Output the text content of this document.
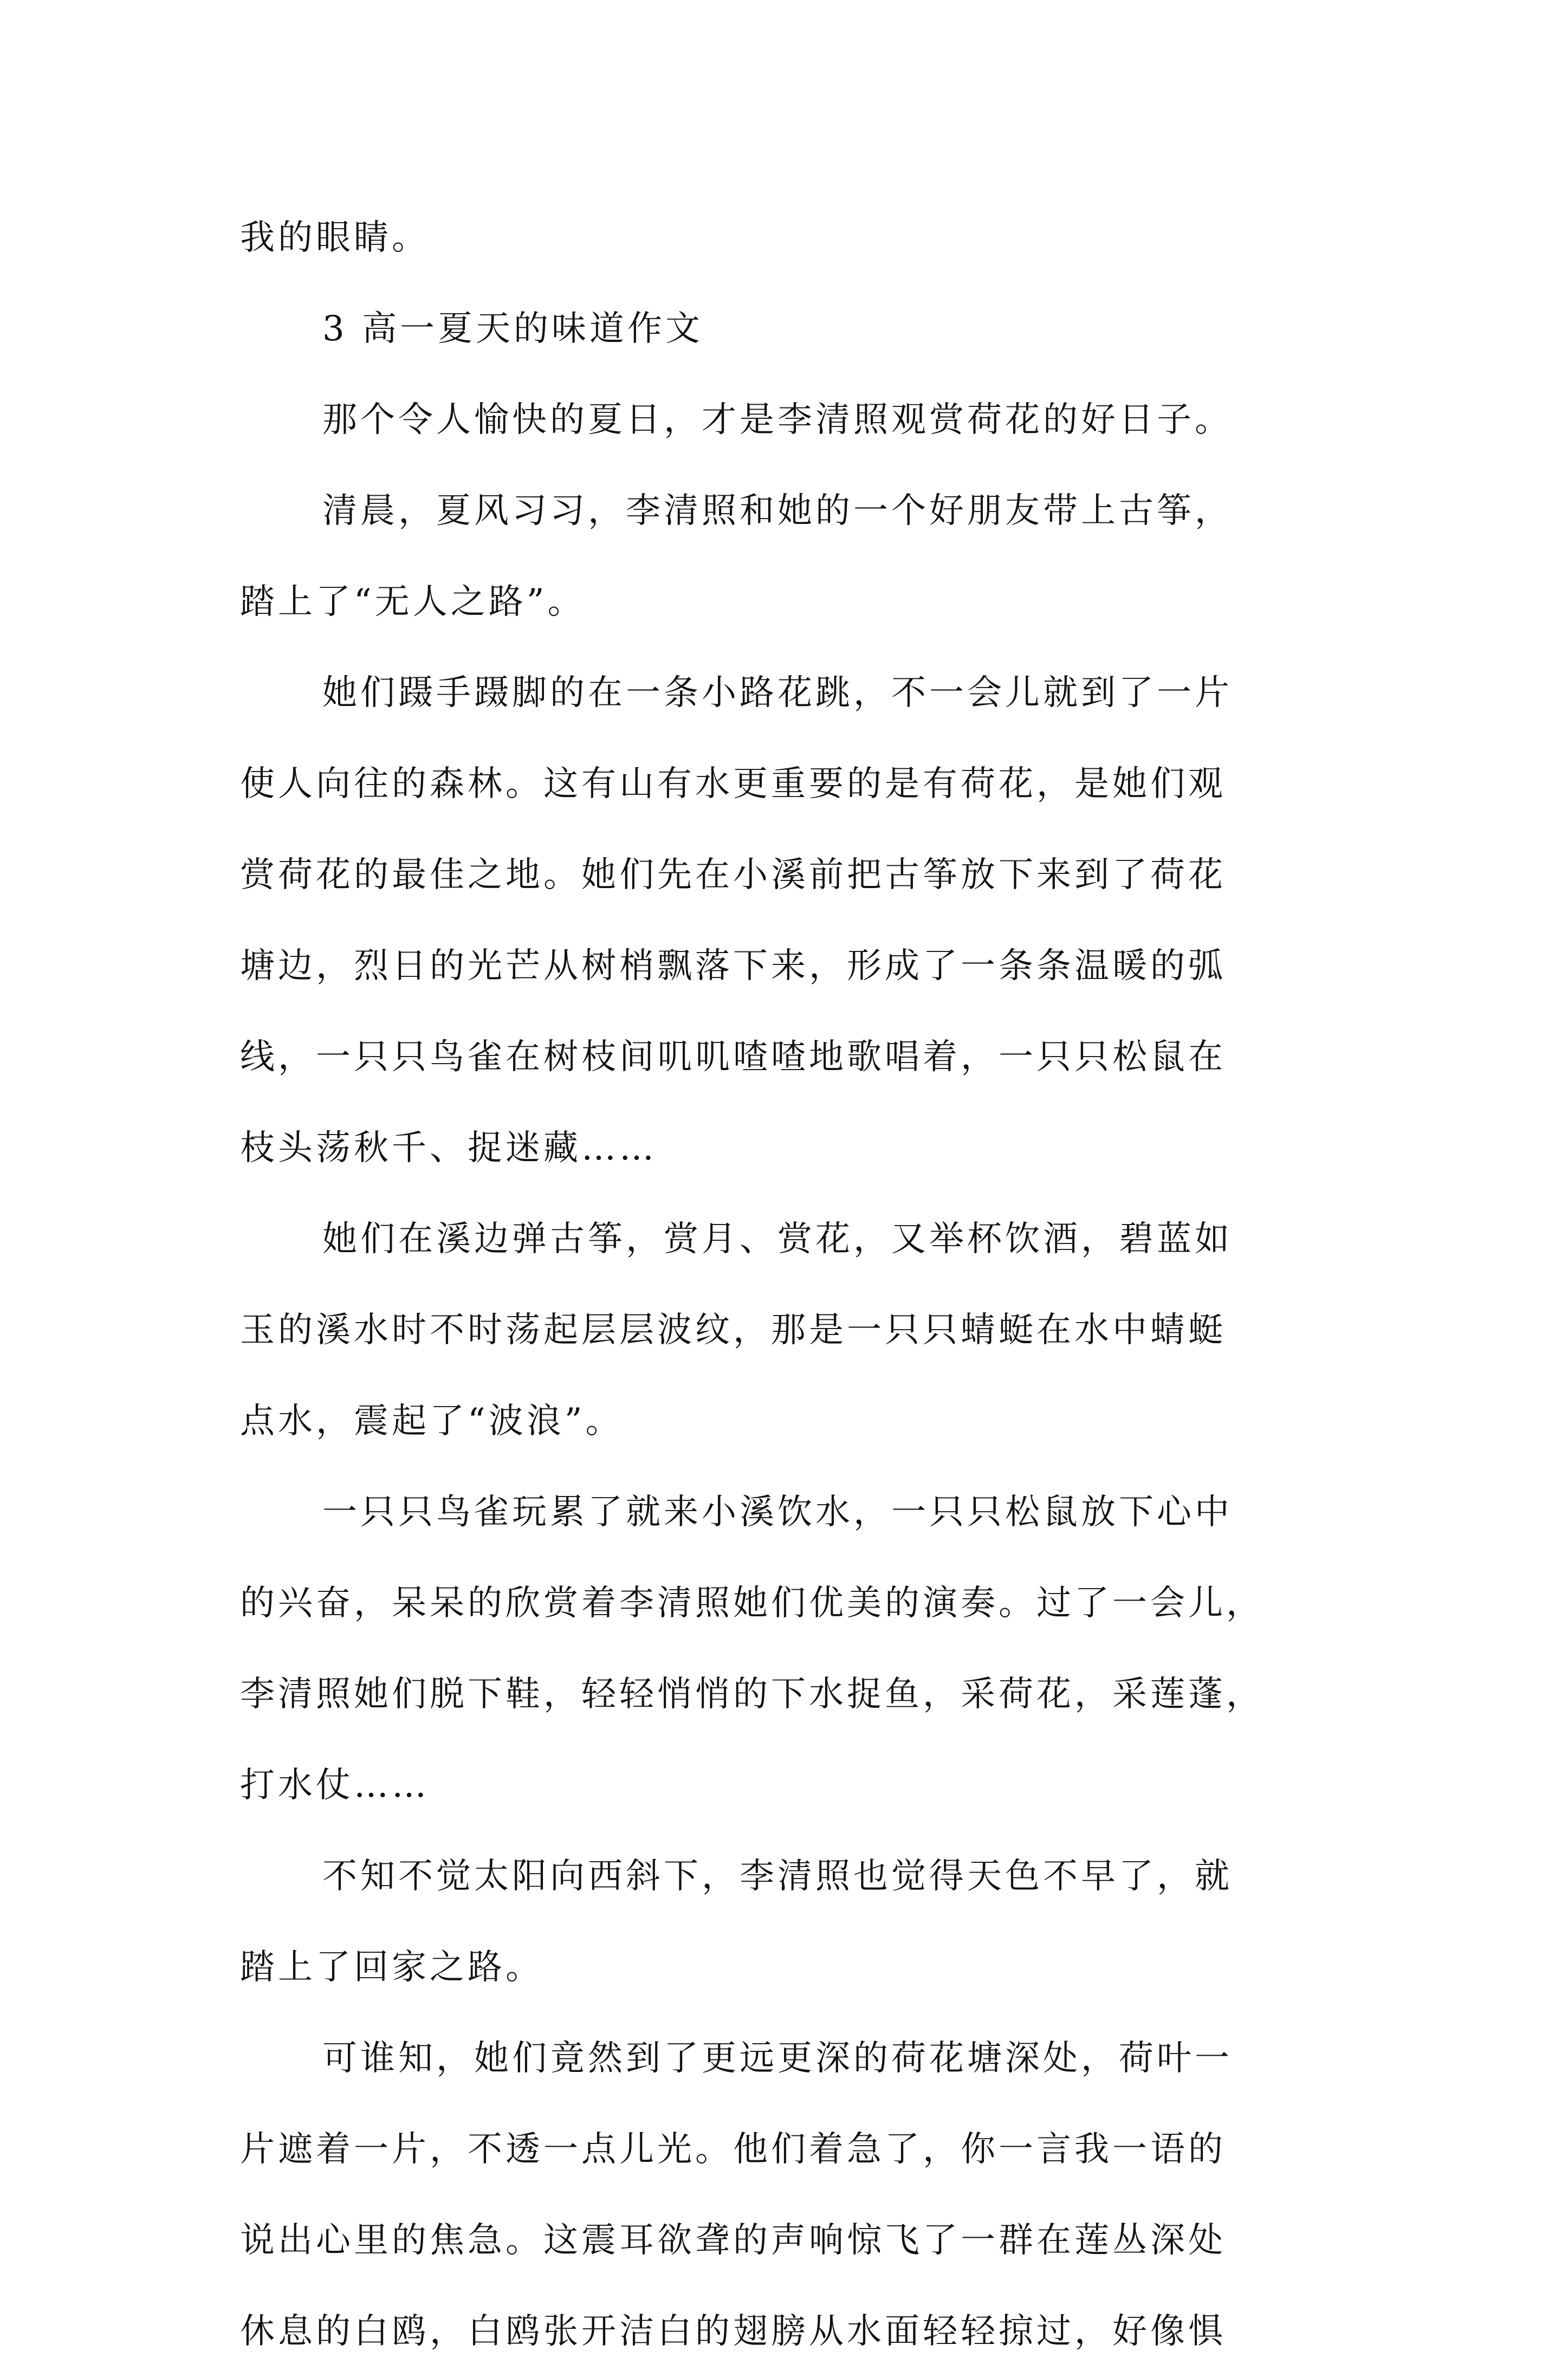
我的眼睛。
3 高一夏天的味道作文
那个令人愉快的夏日，才是李清照观赏荷花的好日子。
清晨，夏风习习，李清照和她的一个好朋友带上古筝，
踏上了“无人之路”。
她们蹑手蹑脚的在一条小路花跳，不一会儿就到了一片
使人向往的森林。这有山有水更重要的是有荷花，是她们观
赏荷花的最佳之地。她们先在小溪前把古筝放下来到了荷花
塘边，烈日的光芒从树梢飘落下来，形成了一条条温暖的弧
线，一只只鸟雀在树枝间叽叽喳喳地歌唱着，一只只松鼠在
枝头荡秋千、捉迷藏……
她们在溪边弹古筝，赏月、赏花，又举杯饮酒，碧蓝如
玉的溪水时不时荡起层层波纹，那是一只只蜻蜓在水中蜻蜓
点水，震起了“波浪”。
一只只鸟雀玩累了就来小溪饮水，一只只松鼠放下心中
的兴奋，呆呆的欣赏着李清照她们优美的演奏。过了一会儿，
李清照她们脱下鞋，轻轻悄悄的下水捉鱼，采荷花，采莲蓬，
打水仗……
不知不觉太阳向西斜下，李清照也觉得天色不早了，就
踏上了回家之路。
可谁知，她们竟然到了更远更深的荷花塘深处，荷叶一
片遮着一片，不透一点儿光。他们着急了，你一言我一语的
说出心里的焦急。这震耳欲聋的声响惊飞了一群在莲丛深处
休息的白鸥，白鸥张开洁白的翅膀从水面轻轻掠过，好像惧
